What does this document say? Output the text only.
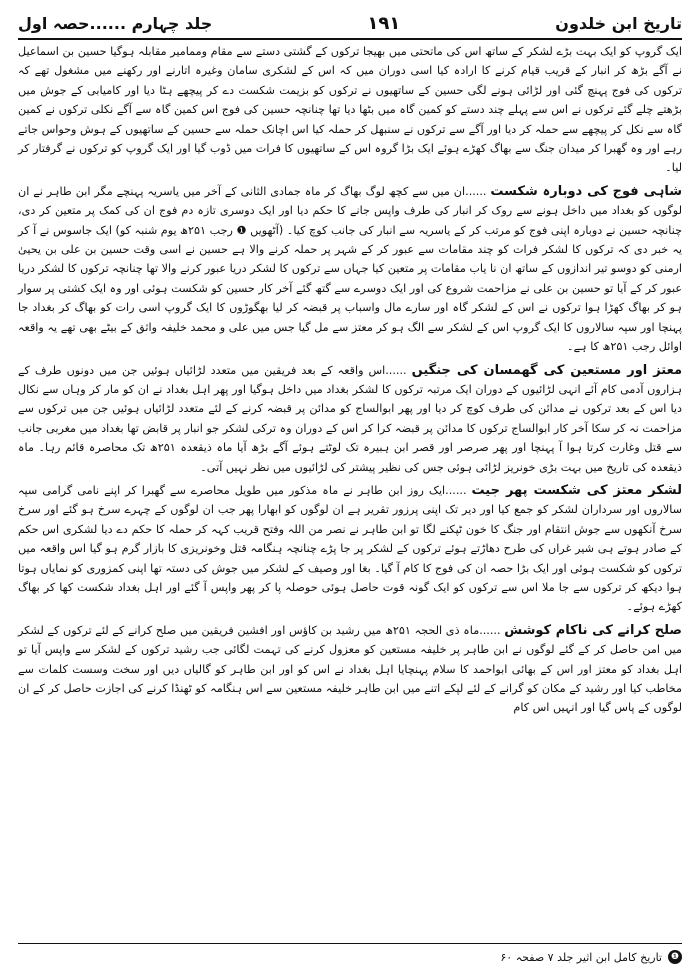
تاریخ ابن خلدون
۱۹۱
جلد چہارم ......حصہ اول

ایک گروپ کو ایک بہت بڑے لشکر کے ساتھ اس کی ماتحتی میں بھیجا ترکوں کے گشتی دستے سے مقام وممامیر مقابلہ ہوگیا حسین بن اسماعیل نے آگے بڑھ کر انبار کے قریب قیام کرنے کا ارادہ کیا اسی دوران میں کہ اس کے لشکری سامان وغیرہ اتارنے اور رکھنے میں مشغول تھے کہ ترکوں کی فوج پہنچ گئی اور لڑائی ہونے لگی حسین کے ساتھیوں نے ترکوں کو بزیمت شکست دے کر پیچھے ہٹا دیا اور کامیابی کے جوش میں بڑھتے چلے گئے ترکوں نے اس سے پہلے چند دستے کو کمین گاہ میں بٹھا دیا تھا چنانچہ حسین کی فوج اس کمین گاہ سے آگے نکلی ترکوں نے کمین گاہ سے نکل کر پیچھے سے حملہ کر دیا اور آگے سے ترکوں نے سنبھل کر حملہ کیا اس اچانک حملہ سے حسین کے ساتھیوں کے ہوش وحواس جاتے رہے اور وہ گھبرا کر میدان جنگ سے بھاگ کھڑے ہوئے ایک بڑا گروہ اس کے ساتھیوں کا فرات میں ڈوب گیا اور ایک گروپ کو ترکوں نے گرفتار کر لیا۔

شاہی فوج کی دوبارہ شکست ......ان میں سے کچھ لوگ بھاگ کر ماہ جمادی الثانی کے آخر میں یاسریہ پہنچے مگر ابن طاہر نے ان لوگوں کو بغداد میں داخل ہونے سے روک کر انبار کی طرف واپس جانے کا حکم دیا اور ایک دوسری تازہ دم فوج ان کی کمک پر متعین کر دی، چنانچہ حسین نے دوبارہ اپنی فوج کو مرتب کر کے یاسریہ سے انبار کی جانب کوچ کیا۔ (آٹھویں ❶ رجب ۲۵۱ھ یوم شنبہ کو) ایک جاسوس نے آ کر یہ خبر دی کہ ترکوں کا لشکر فرات کو چند مقامات سے عبور کر کے شہر پر حملہ کرنے والا ہے حسین نے اسی وقت حسین بن علی بن یحییٰ ارمنی کو دوسو تیر اندازوں کے ساتھ ان نا یاب مقامات پر متعین کیا جہاں سے ترکوں کا لشکر دریا عبور کرنے والا تھا چنانچہ ترکوں کا لشکر دریا عبور کر کے آیا تو حسین بن علی نے مزاحمت شروع کی اور ایک دوسرے سے گتھ گئے آخر کار حسین کو شکست ہوئی اور وہ ایک کشتی پر سوار ہو کر بھاگ کھڑا ہوا ترکوں نے اس کے لشکر گاہ اور سارے مال واسباب پر قبضہ کر لیا بھگوڑوں کا ایک گروپ اسی رات کو بھاگ کر بغداد جا پہنچا اور سپہ سالاروں کا ایک گروپ اس کے لشکر سے الگ ہو کر معتز سے مل گیا جس میں علی و محمد خلیفہ واثق کے بیٹے بھی تھے یہ واقعہ اوائل رجب ۲۵۱ھ کا ہے۔

معتز اور مستعین کی گھمسان کی جنگیں ......اس واقعہ کے بعد فریقین میں متعدد لڑائیاں ہوئیں جن میں دونوں طرف کے ہزاروں آدمی کام آئے انہی لڑائیوں کے دوران ایک مرتبہ ترکوں کا لشکر بغداد میں داخل ہوگیا اور پھر اہل بغداد نے ان کو مار کر وہاں سے نکال دیا اس کے بعد ترکوں نے مدائن کی طرف کوچ کر دیا اور پھر ابوالساج کو مدائن پر قبضہ کرنے کے لئے متعدد لڑائیاں ہوئیں جن میں ترکوں سے مزاحمت نہ کر سکا آخر کار ابوالساج ترکوں کا مدائن پر قبضہ کرا کر اس کے دوران وہ ترکی لشکر جو انبار پر قابض تھا بغداد میں مغربی جانب سے قتل وغارت کرتا ہوا آ پہنچا اور پھر صرصر اور قصر ابن ہبیرہ تک لوٹتے ہوئے آگے بڑھ آیا ماہ ذیقعدہ ۲۵۱ھ تک محاصرہ قائم رہا۔ ماہ ذیقعدہ کی تاریخ میں بہت بڑی خونریز لڑائی ہوئی جس کی نظیر پیشتر کی لڑائیوں میں نظر نہیں آتی۔

لشکر معتز کی شکست پھر جیت ......ایک روز ابن طاہر نے ماہ مذکور میں طویل محاصرے سے گھبرا کر اپنے نامی گرامی سپہ سالاروں اور سرداران لشکر کو جمع کیا اور دیر تک اپنی پرزور تقریر ہے ان لوگوں کو ابھارا پھر جب ان لوگوں کے چہرے سرخ ہو گئے اور سرخ سرخ آنکھوں سے جوش انتقام اور جنگ کا خون ٹپکنے لگا تو ابن طاہر نے نصر من اللہ وفتح قریب کہہ کر حملہ کا حکم دے دیا لشکری اس حکم کے صادر ہوتے ہی شیر غراں کی طرح دھاڑتے ہوئے ترکوں کے لشکر پر جا پڑے چنانچہ ہنگامہ قتل وخونریزی کا بازار گرم ہو گیا اس واقعہ میں ترکوں کو شکست ہوئی اور ایک بڑا حصہ ان کی فوج کا کام آ گیا۔ بغا اور وصیف کے لشکر میں جوش کی دستہ تھا اپنی کمزوری کو نمایاں ہوتا ہوا دیکھ کر ترکوں سے جا ملا اس سے ترکوں کو ایک گونہ قوت حاصل ہوئی حوصلہ پا کر پھر واپس آ گئے اور اہل بغداد شکست کھا کر بھاگ کھڑے ہوئے۔

صلح کرانے کی ناکام کوشش ......ماہ ذی الحجہ ۲۵۱ھ میں رشید بن کاؤس اور افشین فریقین میں صلح کرانے کے لئے ترکوں کے لشکر میں امن حاصل کر کے گئے لوگوں نے ابن طاہر پر خلیفہ مستعین کو معزول کرنے کی تہمت لگائی جب رشید ترکوں کے لشکر سے واپس آیا تو اہل بغداد کو معتز اور اس کے بھائی ابواحمد کا سلام پہنچایا اہل بغداد نے اس کو اور ابن طاہر کو گالیاں دیں اور سخت وسست کلمات سے مخاطب کیا اور رشید کے مکان کو گرانے کے لئے لپکے اتنے میں ابن طاہر خلیفہ مستعین سے اس ہنگامہ کو ٹھنڈا کرنے کی اجازت حاصل کر کے ان لوگوں کے پاس گیا اور انہیں اس کام

❶
تاریخ کامل ابن اثیر جلد ۷ صفحہ ۶۰
